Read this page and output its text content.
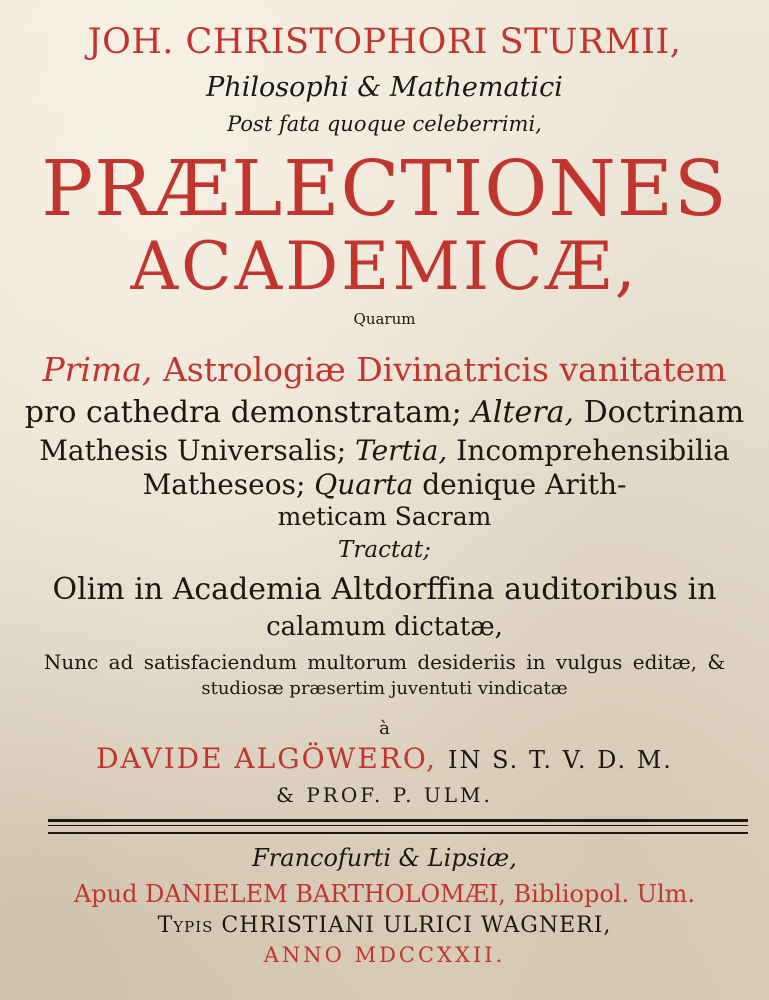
JOH. CHRISTOPHORI STURMII,
Philosophi & Mathematici
Post fata quoque celeberrimi,
PRÆLECTIONES
ACADEMICÆ,
Quarum
Prima, Astrologiæ Divinatricis vanitatem
pro cathedra demonstratam; Altera, Doctrinam
Mathesis Universalis; Tertia, Incomprehensibilia
Matheseos; Quarta denique Arith-
meticam Sacram
Tractat;
Olim in Academia Altdorffina auditoribus in
calamum dictatæ,
Nunc ad satisfaciendum multorum desideriis in vulgus editæ, &
studiosæ præsertim juventuti vindicatæ
à
DAVIDE ALGÖWERO, IN S. T. V. D. M.
& PROF. P. ULM.
Francofurti & Lipsiæ,
Apud DANIELEM BARTHOLOMÆI, Bibliopol. Ulm.
Typis CHRISTIANI ULRICI WAGNERI,
ANNO MDCCXXII.
